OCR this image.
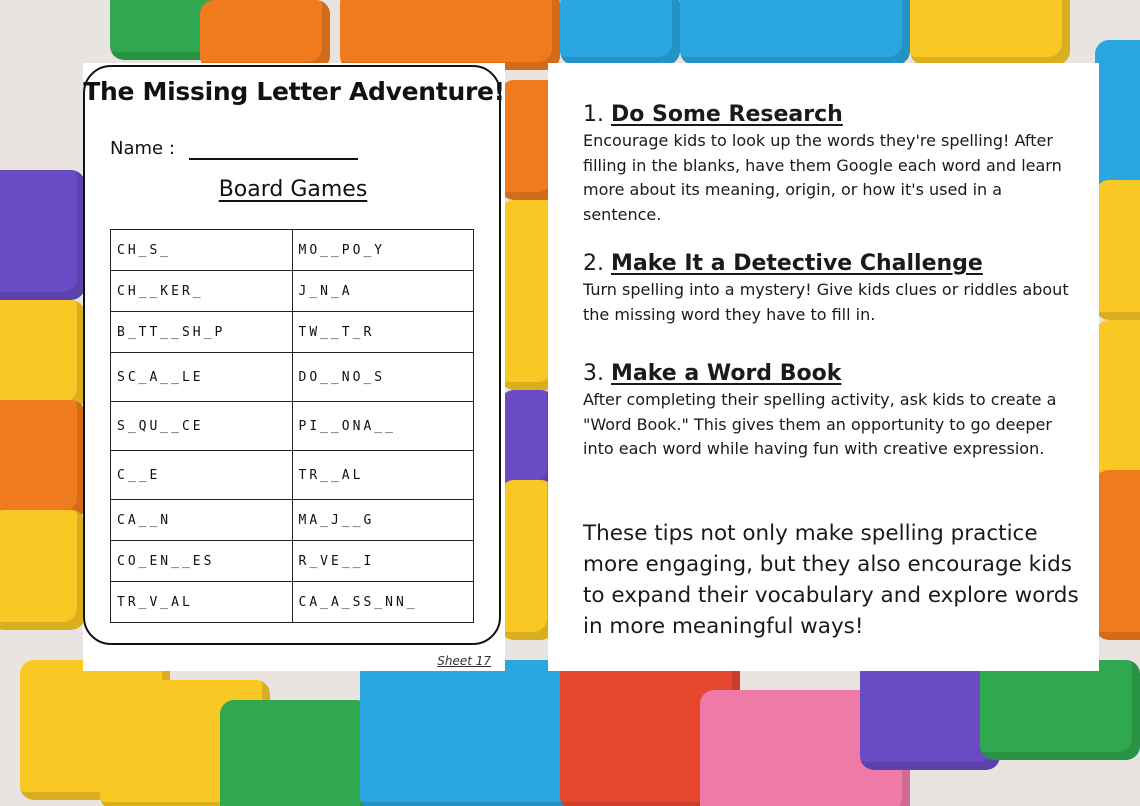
9
The Missing Letter Adventure!
Name :
Board Games
CH_S_	MO__PO_Y
CH__KER_	J_N_A
B_TT__SH_P	TW__T_R
SC_A__LE	DO__NO_S
S_QU__CE	PI__ONA__
C__E	TR__AL
CA__N	MA_J__G
CO_EN__ES	R_VE__I
TR_V_AL	CA_A_SS_NN_
Sheet 17
1. Do Some Research
Encourage kids to look up the words they're spelling! After filling in the blanks, have them Google each word and learn more about its meaning, origin, or how it's used in a sentence.
2. Make It a Detective Challenge
Turn spelling into a mystery! Give kids clues or riddles about the missing word they have to fill in.
3. Make a Word Book
After completing their spelling activity, ask kids to create a "Word Book." This gives them an opportunity to go deeper into each word while having fun with creative expression.
These tips not only make spelling practice more engaging, but they also encourage kids to expand their vocabulary and explore words in more meaningful ways!
